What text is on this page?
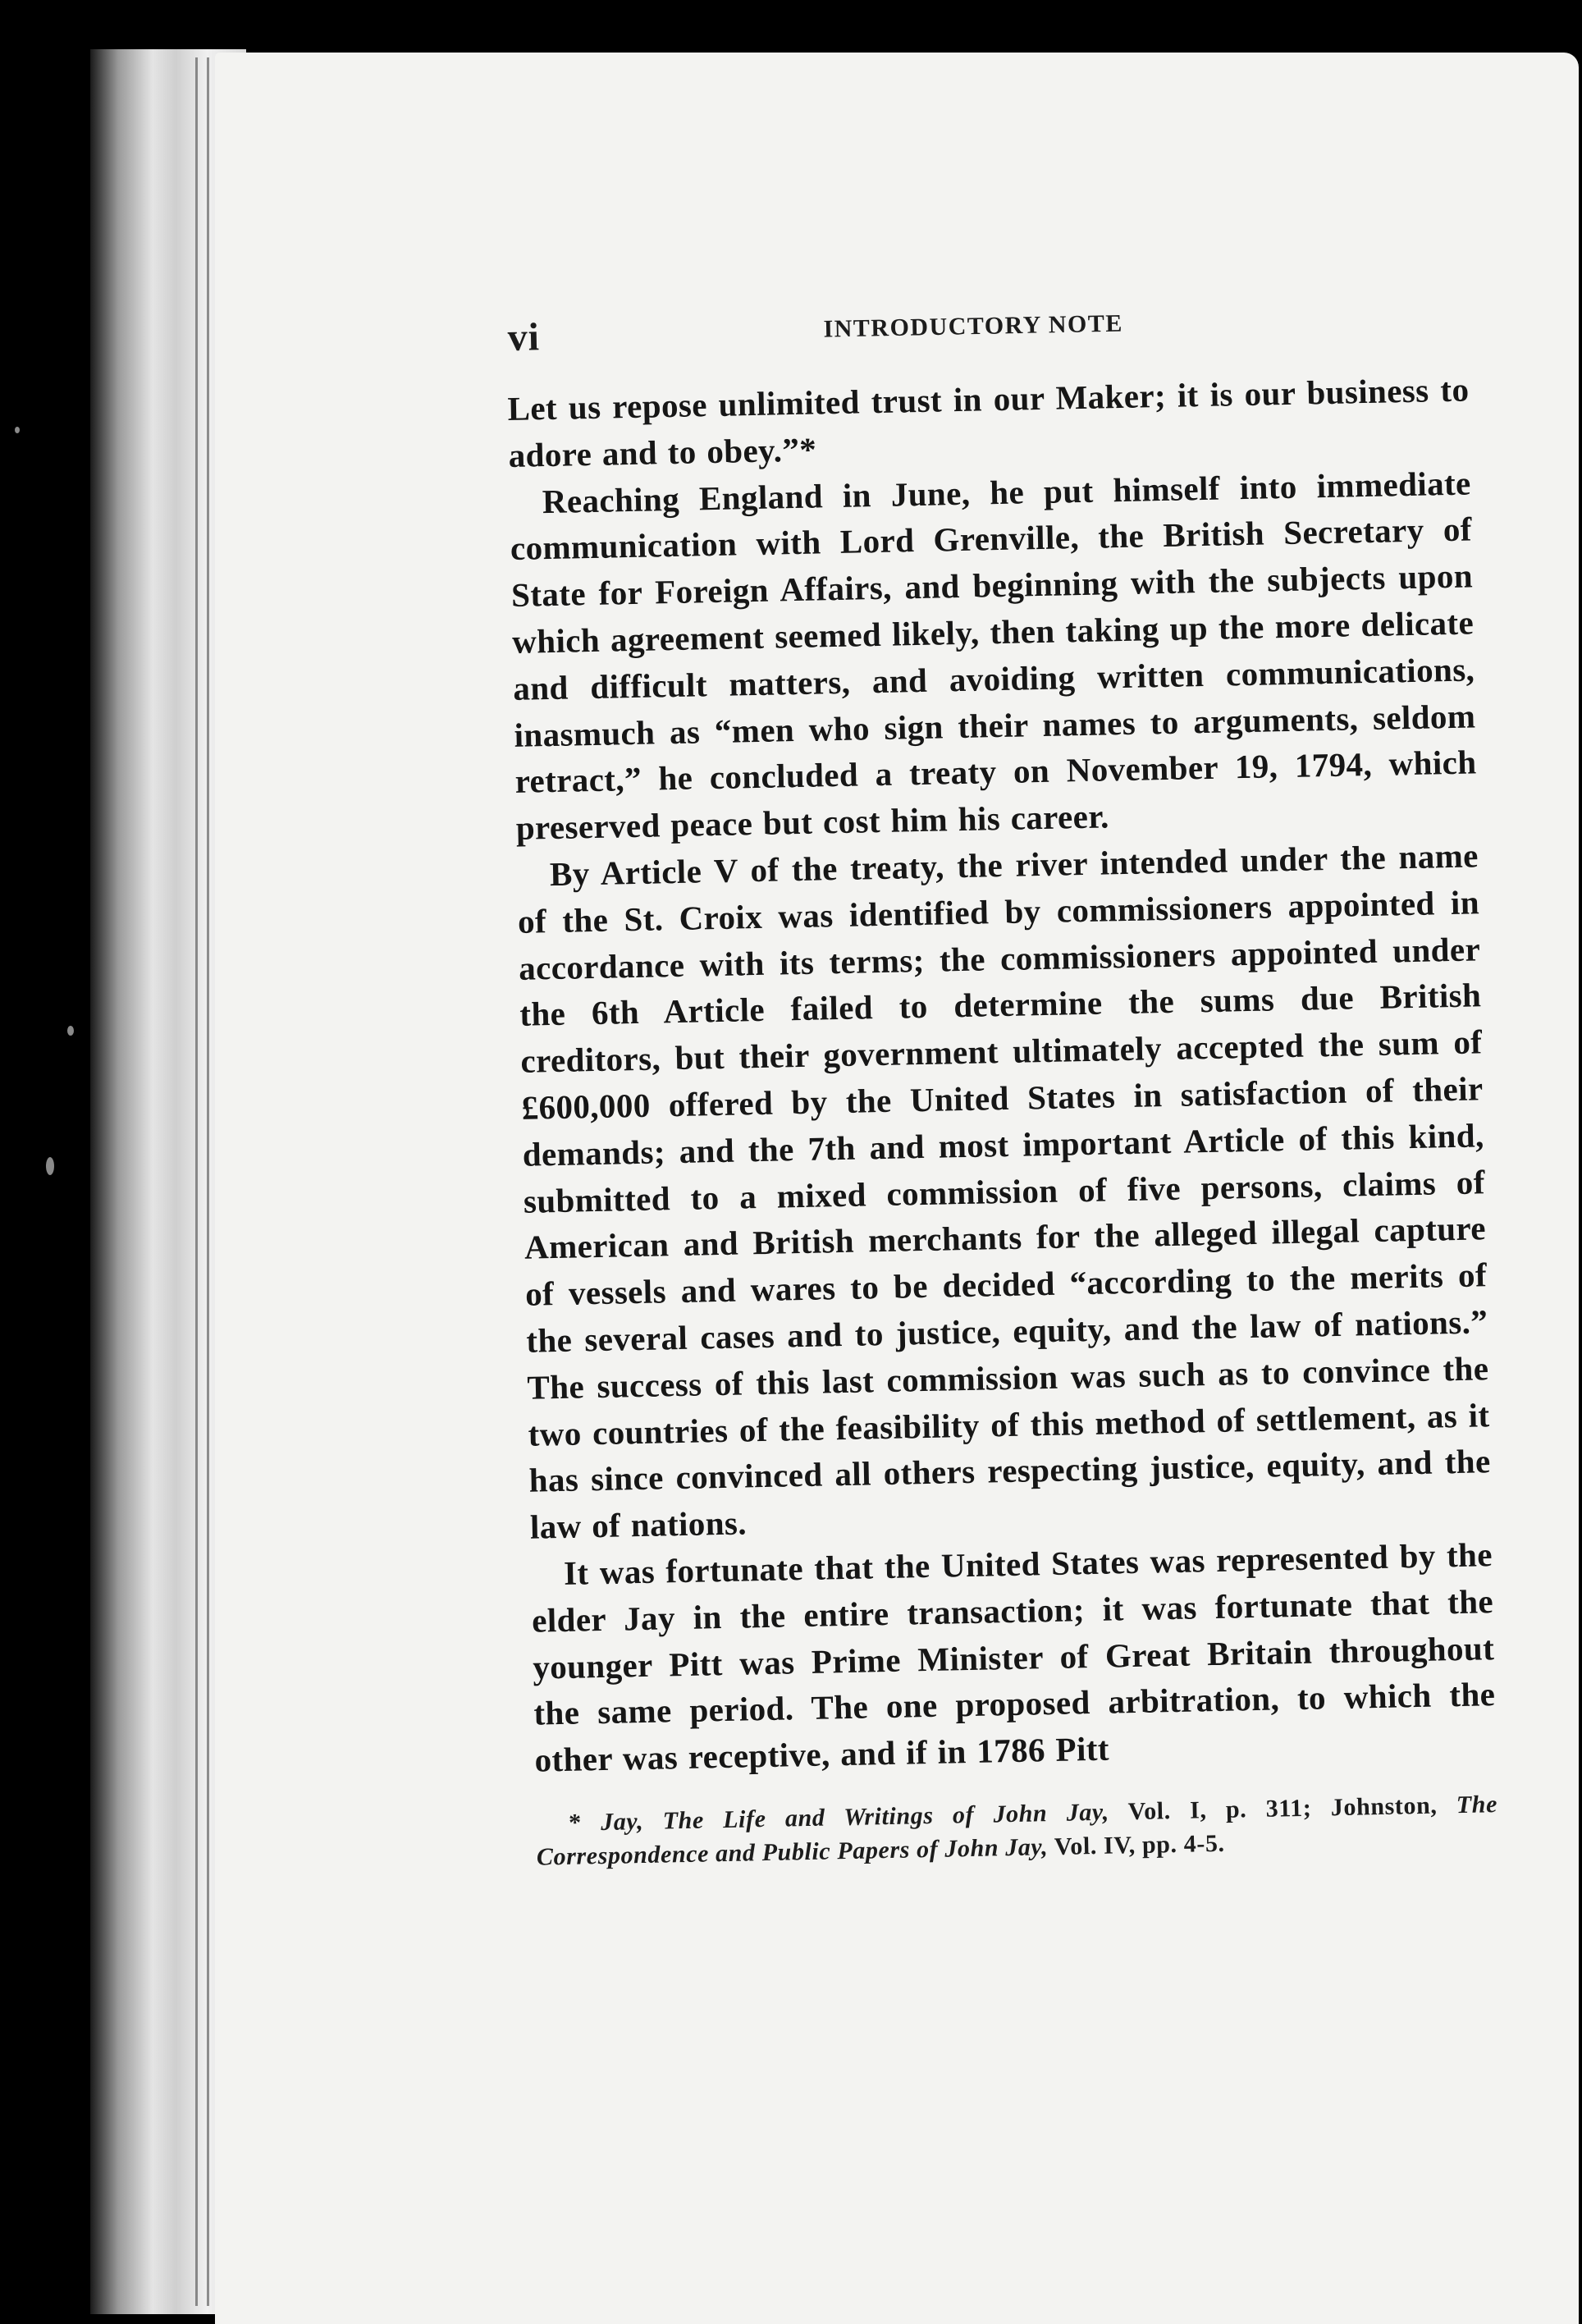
vi	INTRODUCTORY NOTE

Let us repose unlimited trust in our Maker; it is our business to adore and to obey.”*

Reaching England in June, he put himself into immediate communication with Lord Grenville, the British Secretary of State for Foreign Affairs, and beginning with the subjects upon which agreement seemed likely, then taking up the more delicate and difficult matters, and avoiding written communications, inasmuch as “men who sign their names to arguments, seldom retract,” he concluded a treaty on November 19, 1794, which preserved peace but cost him his career.

By Article V of the treaty, the river intended under the name of the St. Croix was identified by commissioners appointed in accordance with its terms; the commissioners appointed under the 6th Article failed to determine the sums due British creditors, but their government ultimately accepted the sum of £600,000 offered by the United States in satisfaction of their demands; and the 7th and most important Article of this kind, submitted to a mixed commission of five persons, claims of American and British merchants for the alleged illegal capture of vessels and wares to be decided “according to the merits of the several cases and to justice, equity, and the law of nations.” The success of this last commission was such as to convince the two countries of the feasibility of this method of settlement, as it has since convinced all others respecting justice, equity, and the law of nations.

It was fortunate that the United States was represented by the elder Jay in the entire transaction; it was fortunate that the younger Pitt was Prime Minister of Great Britain throughout the same period. The one proposed arbitration, to which the other was receptive, and if in 1786 Pitt

* Jay, The Life and Writings of John Jay, Vol. I, p. 311; Johnston, The Correspondence and Public Papers of John Jay, Vol. IV, pp. 4-5.
